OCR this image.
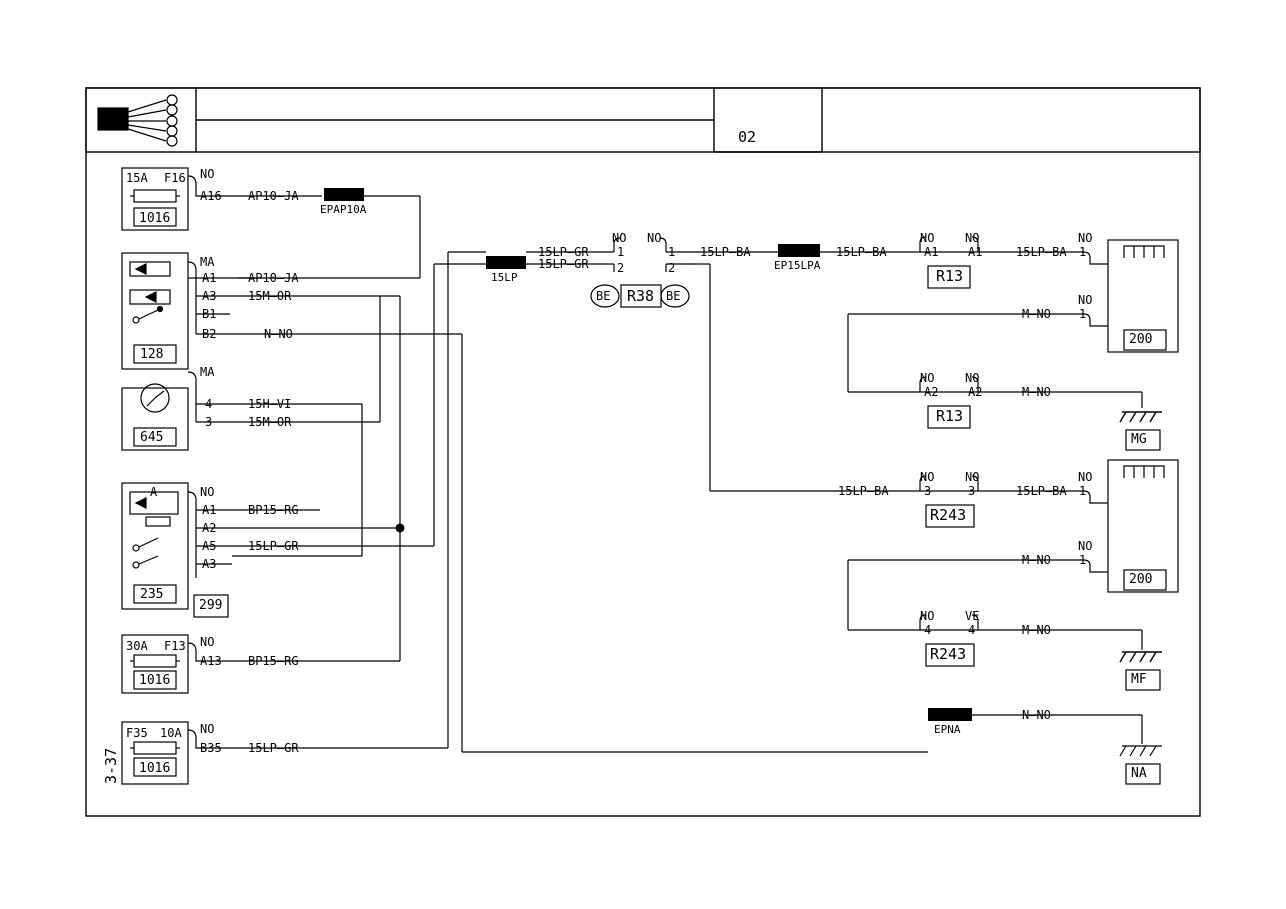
02
3-37
15A F16 NO
A16
1016
AP10—JA
EPAP10A
MA
A1
A3
B1
B2
AP10—JA
15M—OR
N—NO
128
MA
4
3
15H—VI
15M—OR
645
A	NO
A1
A2
A5
A3
BP15—RG
15LP—GR
235
299
30A F13 NO
A13
1016
BP15—RG
F35 10A NO
B35
1016
15LP—GR
15LP
15LP—GR
15LP—GR
NO NO
1
2
1
2
BE R38 BE
15LP—BA
EP15LPA
15LP—BA
NO	NO
A1 A1
R13
15LP—BA
NO
1
NO
1
200
NO	NO
A2 A2
R13
M—NO
M—NO
MG
NO	NO
3	3
R243
15LP—BA	15LP—BA
NO
1
NO
1
200
M—NO
NO	VE
4	4
R243
M—NO
MF
EPNA
N—NO
NA
